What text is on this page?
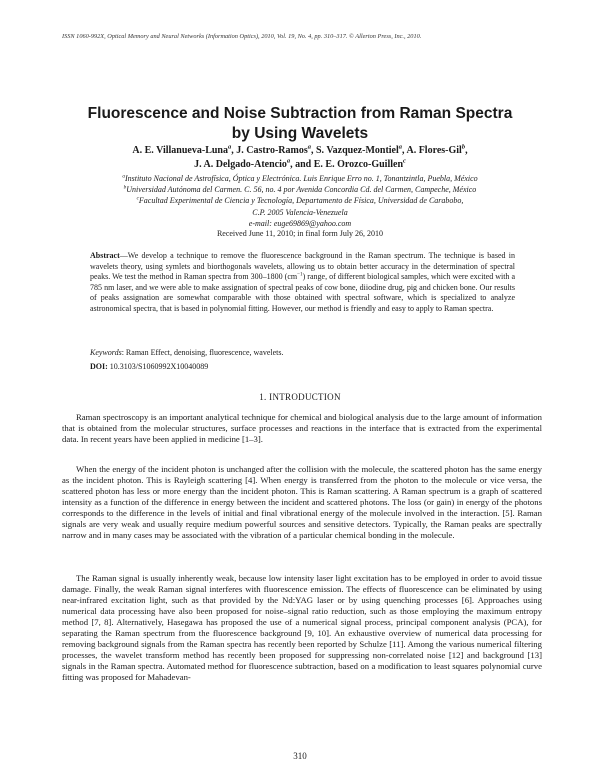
ISSN 1060-992X, Optical Memory and Neural Networks (Information Optics), 2010, Vol. 19, No. 4, pp. 310–317. © Allerton Press, Inc., 2010.
Fluorescence and Noise Subtraction from Raman Spectra
by Using Wavelets
A. E. Villanueva-Luna$^a$, J. Castro-Ramos$^a$, S. Vazquez-Montiel$^a$, A. Flores-Gil$^b$,
J. A. Delgado-Atencio$^a$, and E. E. Orozco-Guillen$^c$
$^a$Instituto Nacional de Astrofísica, Óptica y Electrónica. Luis Enrique Erro no. 1, Tonantzintla, Puebla, México
$^b$Universidad Autónoma del Carmen. C. 56, no. 4 por Avenida Concordia Cd. del Carmen, Campeche, México
$^c$Facultad Experimental de Ciencia y Tecnología, Departamento de Física, Universidad de Carabobo,
C.P. 2005 Valencia-Venezuela
e-mail: euge69869@yahoo.com
Received June 11, 2010; in final form July 26, 2010
Abstract—We develop a technique to remove the fluorescence background in the Raman spectrum. The technique is based in wavelets theory, using symlets and biorthogonals wavelets, allowing us to obtain better accuracy in the determination of spectral peaks. We test the method in Raman spectra from 300–1800 $(cm^{-1})$ range, of different biological samples, which were excited with a 785 nm laser, and we were able to make assignation of spectral peaks of cow bone, diiodine drug, pig and chicken bone. Our results of peaks assignation are somewhat comparable with those obtained with spectral software, which is specialized to analyze astronomical spectra, that is based in polynomial fitting. However, our method is friendly and easy to apply to Raman spectra.
Keywords: Raman Effect, denoising, fluorescence, wavelets.
DOI: 10.3103/S1060992X10040089
1. INTRODUCTION

Raman spectroscopy is an important analytical technique for chemical and biological analysis due to the large amount of information that is obtained from the molecular structures, surface processes and reactions in the interface that is extracted from the experimental data. In recent years have been applied in medicine [1–3].

When the energy of the incident photon is unchanged after the collision with the molecule, the scattered photon has the same energy as the incident photon. This is Rayleigh scattering [4]. When energy is transferred from the photon to the molecule or vice versa, the scattered photon has less or more energy than the incident photon. This is Raman scattering. A Raman spectrum is a graph of scattered intensity as a function of the difference in energy between the incident and scattered photons. The loss (or gain) in energy of the photons corresponds to the difference in the levels of initial and final vibrational energy of the molecule involved in the interaction. [5]. Raman signals are very weak and usually require medium powerful sources and sensitive detectors. Typically, the Raman peaks are spectrally narrow and in many cases may be associated with the vibration of a particular chemical bonding in the molecule.

The Raman signal is usually inherently weak, because low intensity laser light excitation has to be employed in order to avoid tissue damage. Finally, the weak Raman signal interferes with fluorescence emission. The effects of fluorescence can be eliminated by using near-infrared excitation light, such as that provided by the Nd:YAG laser or by using quenching processes [6]. Approaches using numerical data processing have also been proposed for noise–signal ratio reduction, such as those employing the maximum entropy method [7, 8]. Alternatively, Hasegawa has proposed the use of a numerical signal process, principal component analysis (PCA), for separating the Raman spectrum from the fluorescence background [9, 10]. An exhaustive overview of numerical data processing for removing background signals from the Raman spectra has recently been reported by Schulze [11]. Among the various numerical filtering processes, the wavelet transform method has recently been proposed for suppressing non-correlated noise [12] and background [13] signals in the Raman spectra. Automated method for fluorescence subtraction, based on a modification to least squares polynomial curve fitting was proposed for Mahadevan-

310
